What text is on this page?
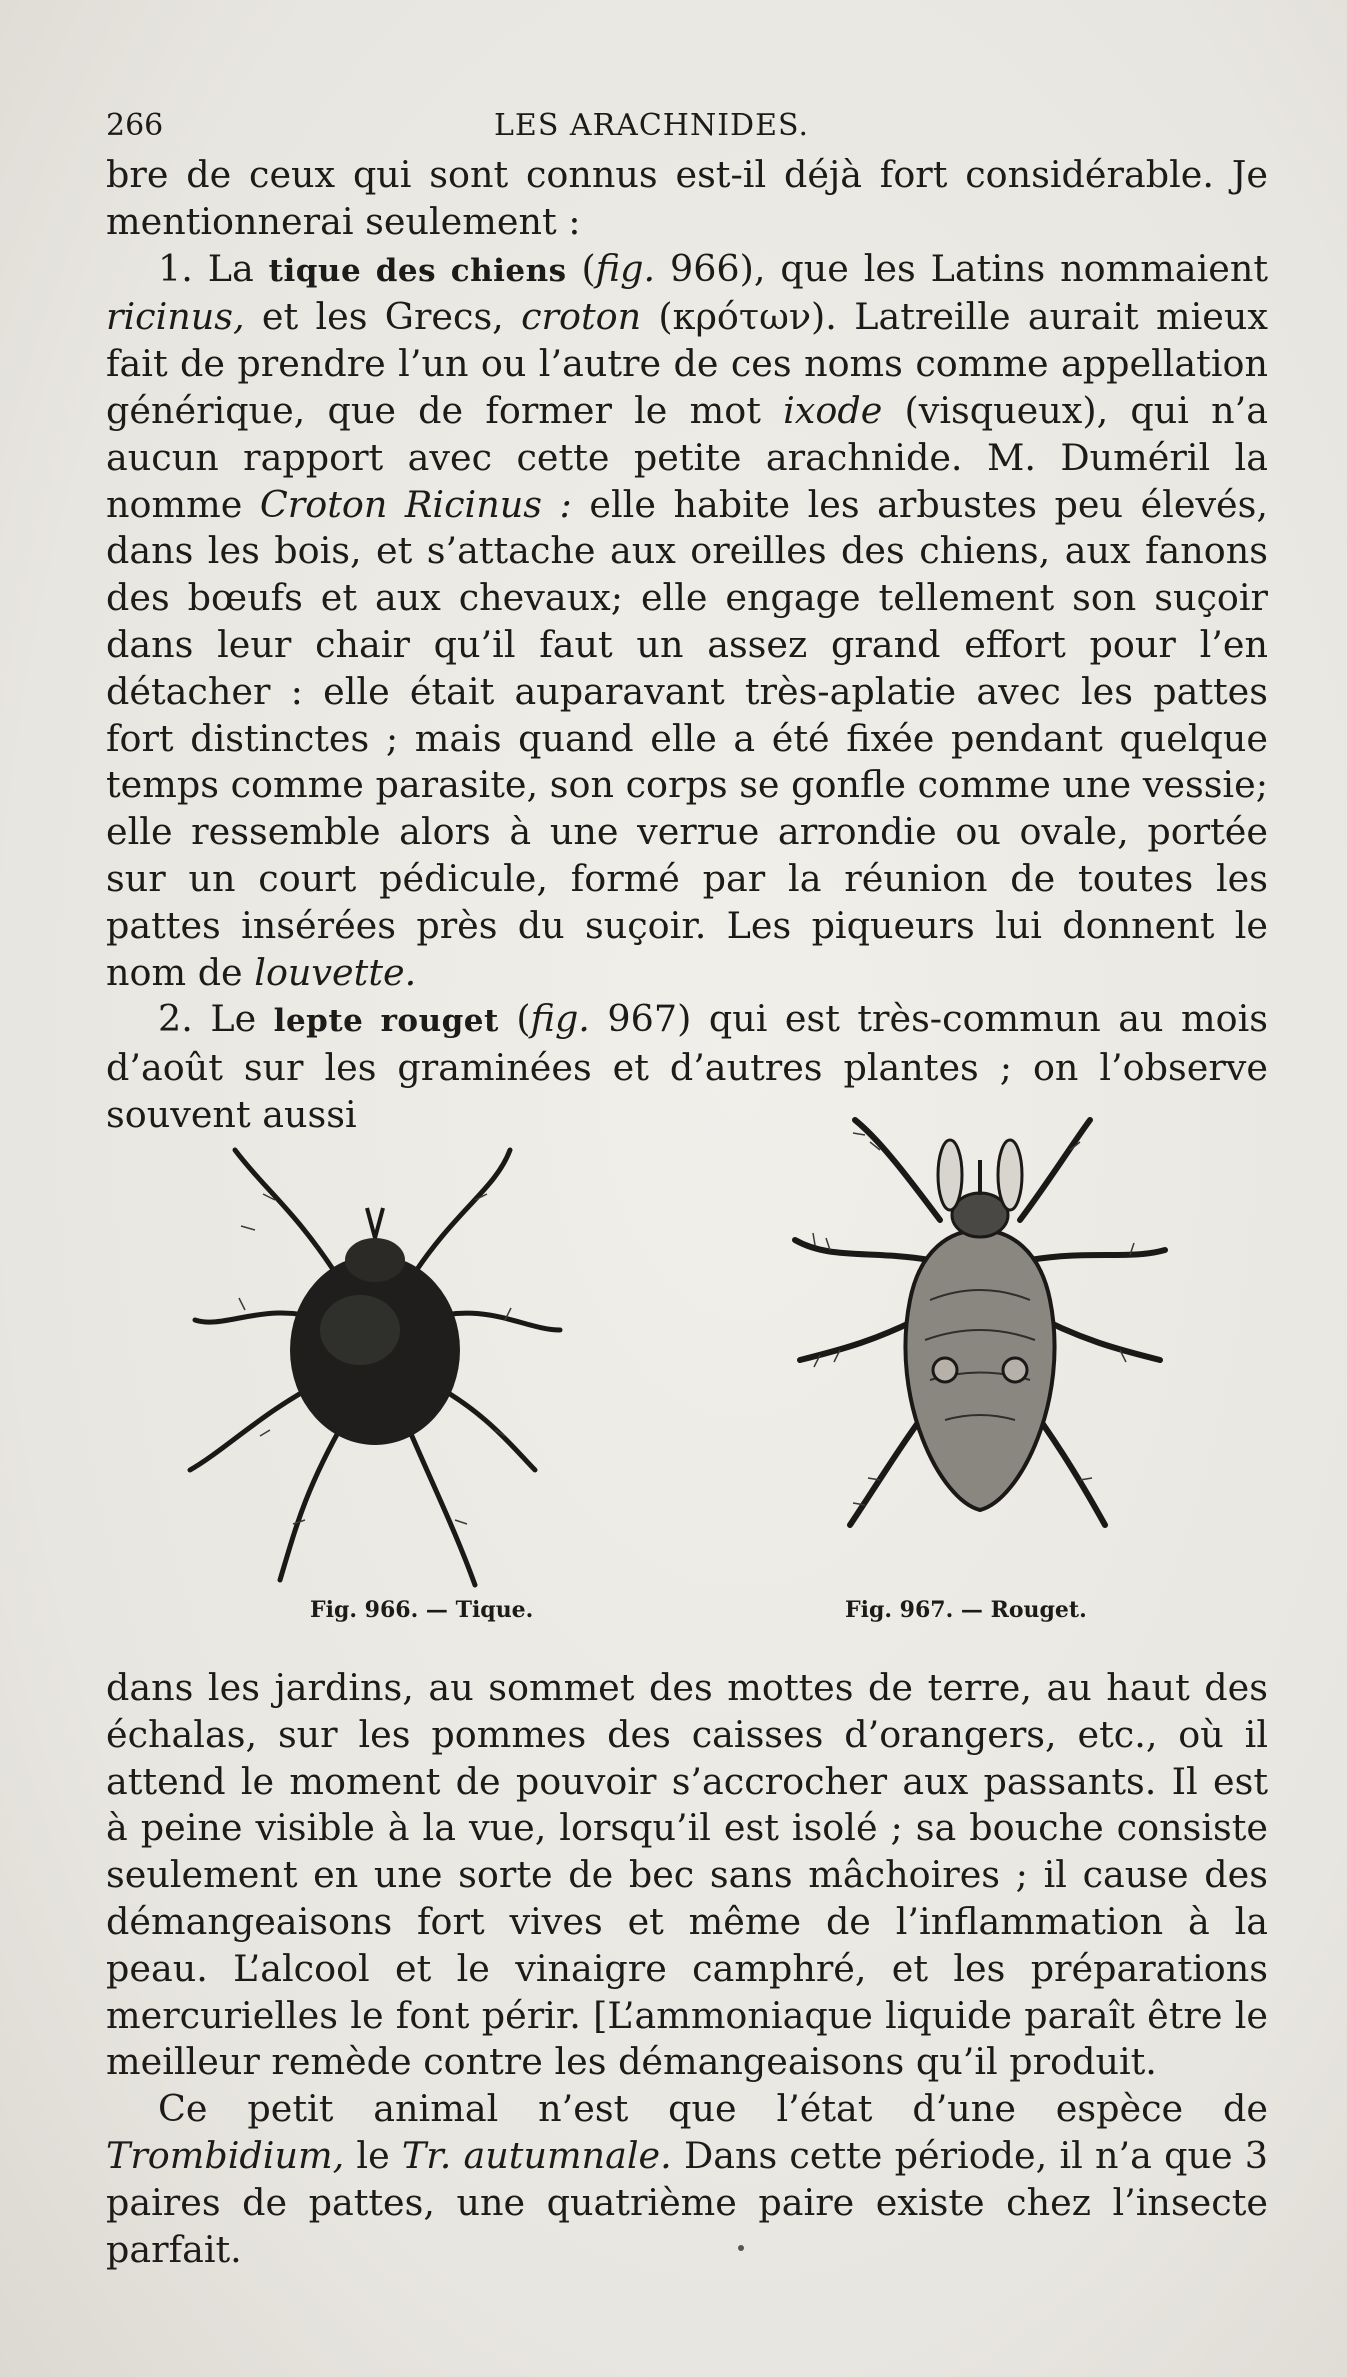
266	LES ARACHNIDES.

bre de ceux qui sont connus est-il déjà fort considérable. Je mentionnerai seulement :

1. La tique des chiens (fig. 966), que les Latins nommaient ricinus, et les Grecs, croton (κρότων). Latreille aurait mieux fait de prendre l’un ou l’autre de ces noms comme appellation générique, que de former le mot ixode (visqueux), qui n’a aucun rapport avec cette petite arachnide. M. Duméril la nomme Croton Ricinus : elle habite les arbustes peu élevés, dans les bois, et s’attache aux oreilles des chiens, aux fanons des bœufs et aux chevaux; elle engage tellement son suçoir dans leur chair qu’il faut un assez grand effort pour l’en détacher : elle était auparavant très-aplatie avec les pattes fort distinctes ; mais quand elle a été fixée pendant quelque temps comme parasite, son corps se gonfle comme une vessie; elle ressemble alors à une verrue arrondie ou ovale, portée sur un court pédicule, formé par la réunion de toutes les pattes insérées près du suçoir. Les piqueurs lui donnent le nom de louvette.

2. Le lepte rouget (fig. 967) qui est très-commun au mois d’août sur les graminées et d’autres plantes ; on l’observe souvent aussi

Fig. 966. — Tique.	Fig. 967. — Rouget.

dans les jardins, au sommet des mottes de terre, au haut des échalas, sur les pommes des caisses d’orangers, etc., où il attend le moment de pouvoir s’accrocher aux passants. Il est à peine visible à la vue, lorsqu’il est isolé ; sa bouche consiste seulement en une sorte de bec sans mâchoires ; il cause des démangeaisons fort vives et même de l’inflammation à la peau. L’alcool et le vinaigre camphré, et les préparations mercurielles le font périr. [L’ammoniaque liquide paraît être le meilleur remède contre les démangeaisons qu’il produit.

Ce petit animal n’est que l’état d’une espèce de Trombidium, le Tr. autumnale. Dans cette période, il n’a que 3 paires de pattes, une quatrième paire existe chez l’insecte parfait.
